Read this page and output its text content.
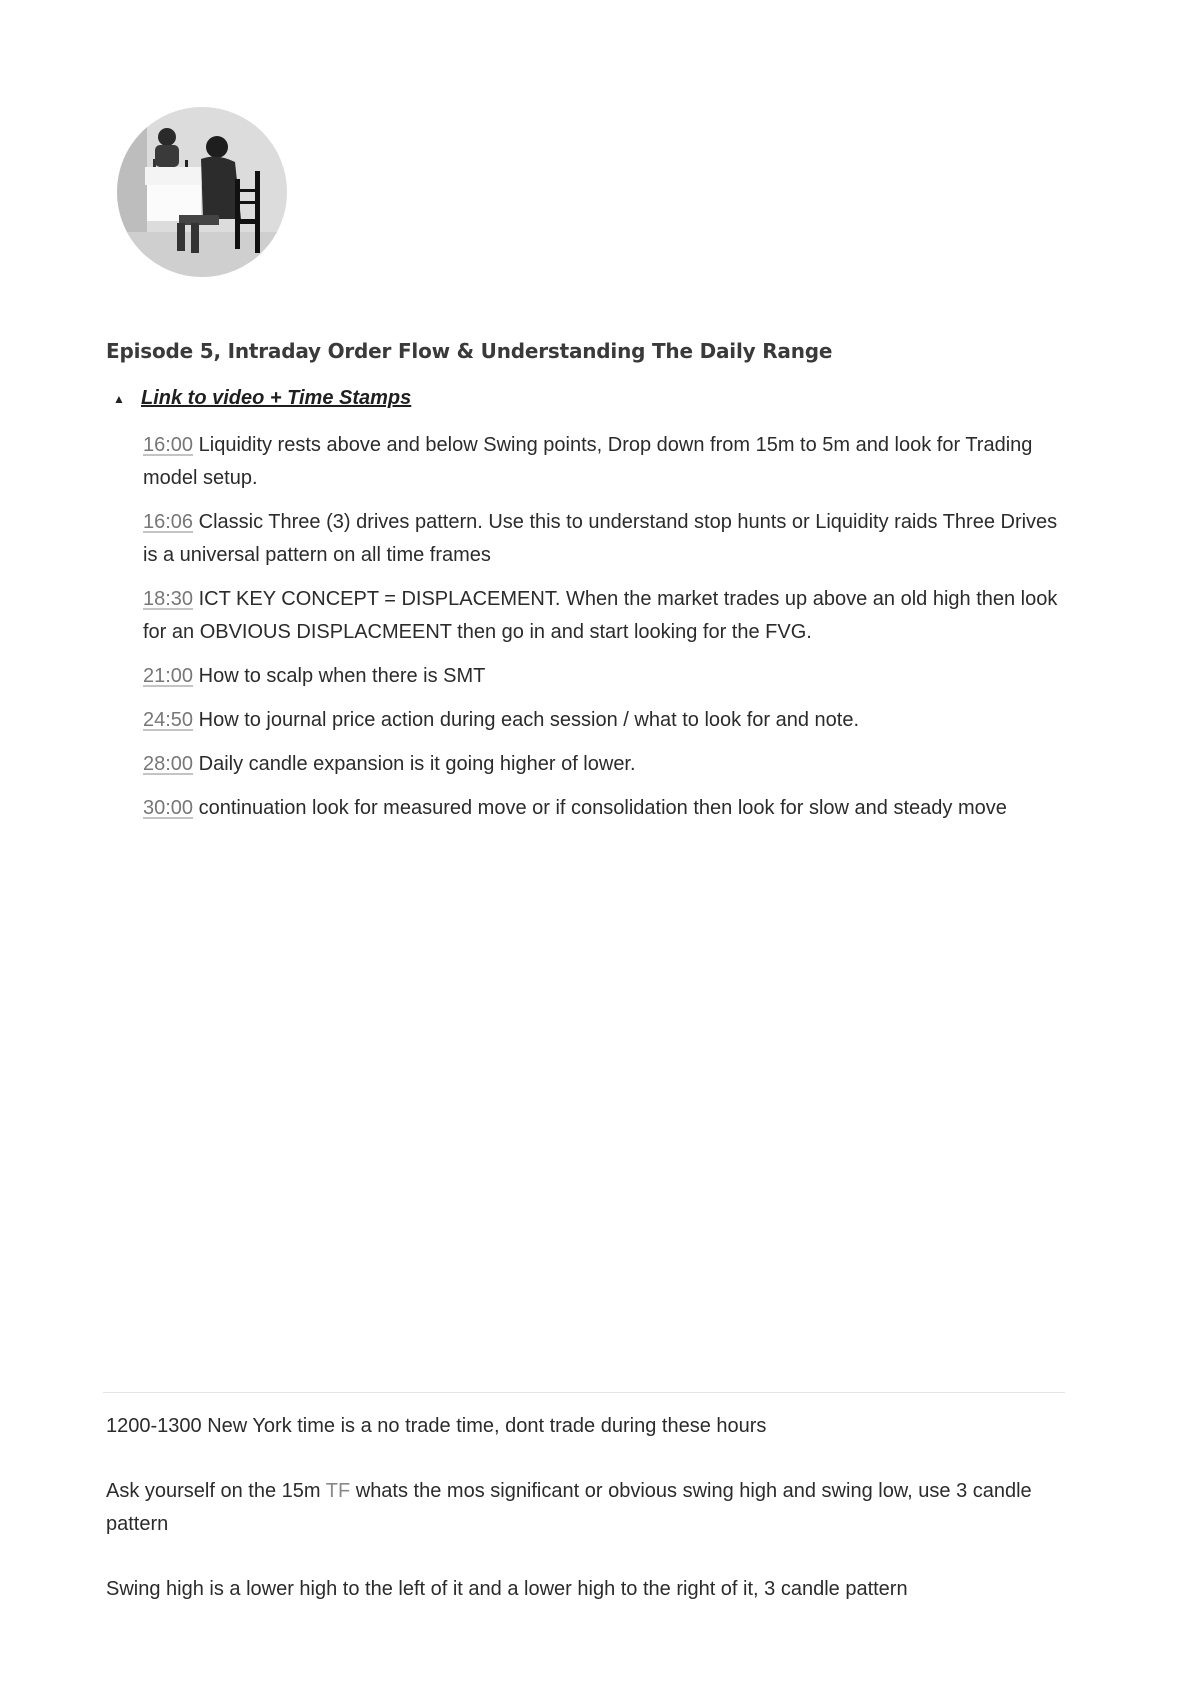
Episode 5, Intraday Order Flow & Understanding The Daily Range
▲ Link to video + Time Stamps
16:00 Liquidity rests above and below Swing points, Drop down from 15m to 5m and look for Trading model setup.
16:06 Classic Three (3) drives pattern. Use this to understand stop hunts or Liquidity raids Three Drives is a universal pattern on all time frames
18:30 ICT KEY CONCEPT = DISPLACEMENT. When the market trades up above an old high then look for an OBVIOUS DISPLACMEENT then go in and start looking for the FVG.
21:00 How to scalp when there is SMT
24:50 How to journal price action during each session / what to look for and note.
28:00 Daily candle expansion is it going higher of lower.
30:00 continuation look for measured move or if consolidation then look for slow and steady move

1200-1300 New York time is a no trade time, dont trade during these hours

Ask yourself on the 15m TF whats the mos significant or obvious swing high and swing low, use 3 candle pattern

Swing high is a lower high to the left of it and a lower high to the right of it, 3 candle pattern
